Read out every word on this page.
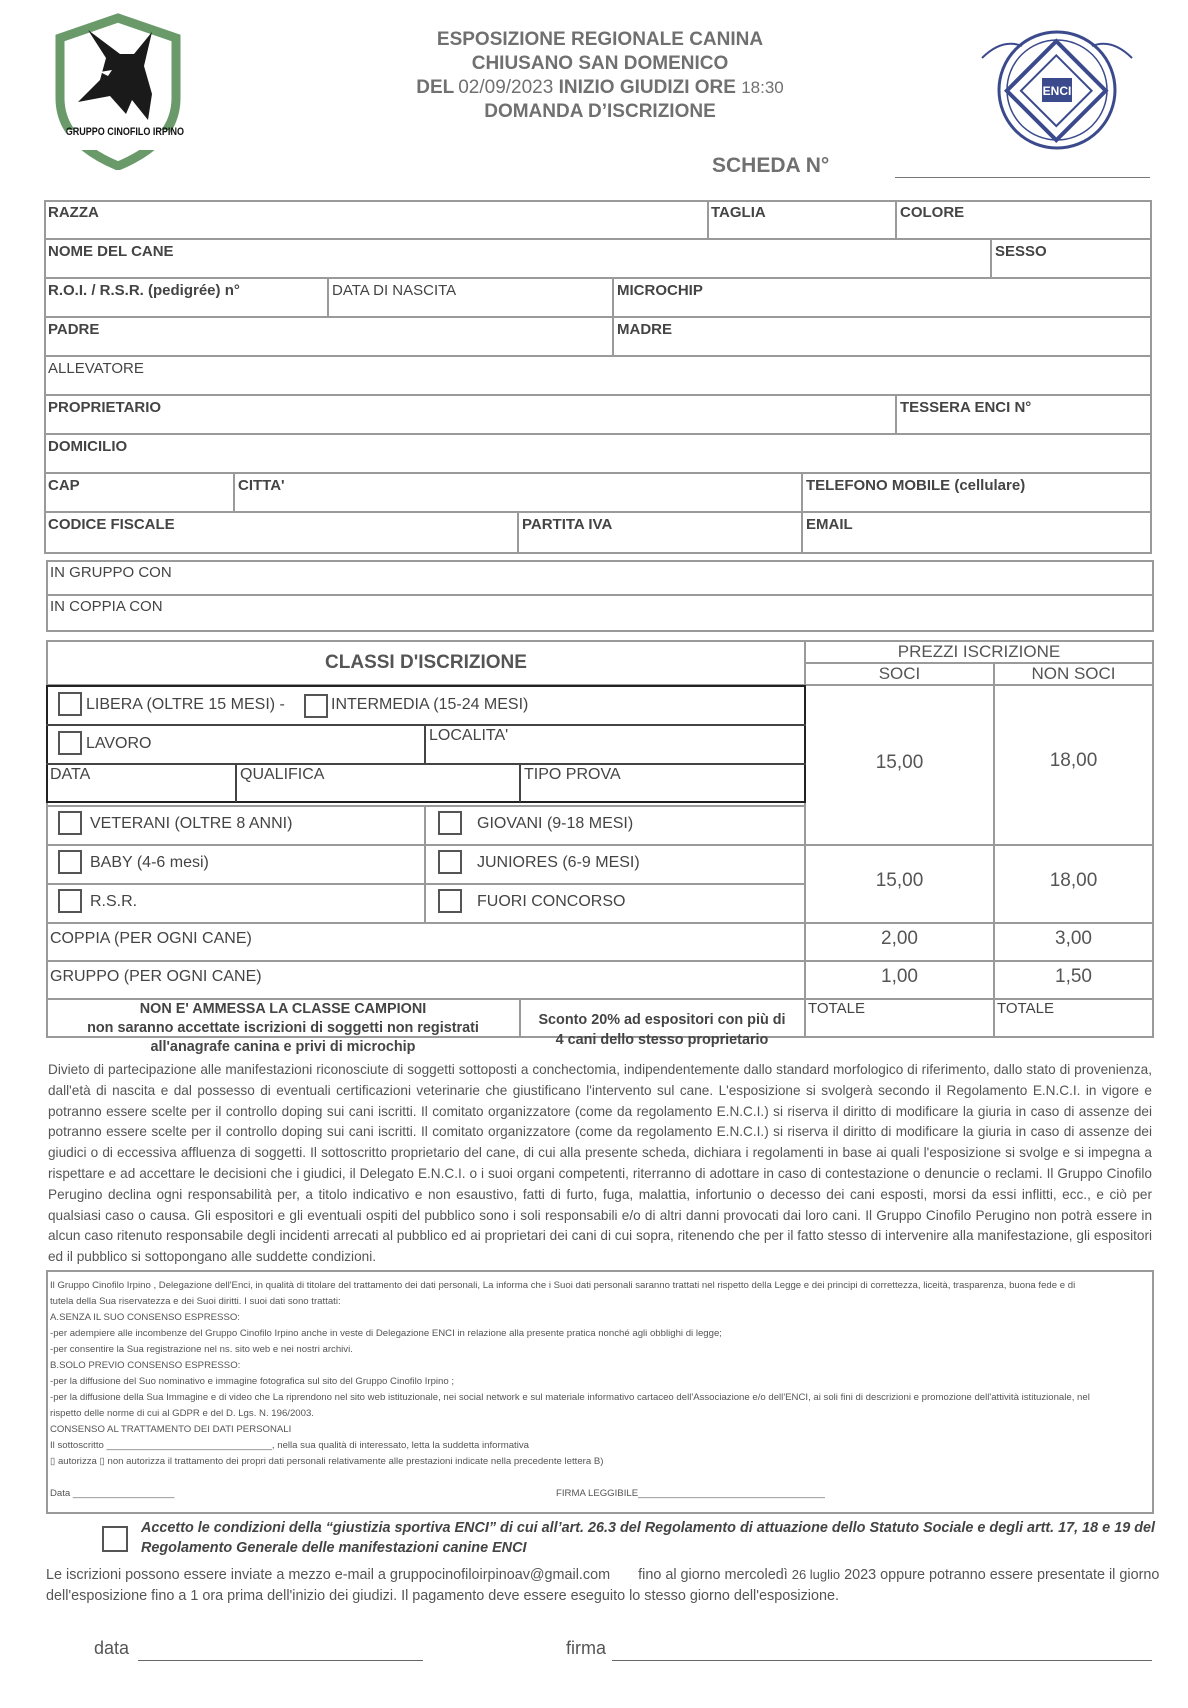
GRUPPO CINOFILO IRPINO
ESPOSIZIONE REGIONALE CANINA
CHIUSANO SAN DOMENICO
DEL 02/09/2023 INIZIO GIUDIZI ORE 18:30
DOMANDA D’ISCRIZIONE
ENCI
SCHEDA N°
RAZZA	TAGLIA	COLORE
NOME DEL CANE	SESSO
R.O.I. / R.S.R. (pedigrée) n°	DATA DI NASCITA	MICROCHIP
PADRE	MADRE
ALLEVATORE
PROPRIETARIO	TESSERA ENCI N°
DOMICILIO
CAP	CITTA'	TELEFONO MOBILE (cellulare)
CODICE FISCALE	PARTITA IVA	EMAIL
IN GRUPPO CON
IN COPPIA CON
CLASSI D'ISCRIZIONE
PREZZI ISCRIZIONE
SOCI	NON SOCI
LIBERA (OLTRE 15 MESI) -	INTERMEDIA (15-24 MESI)
LAVORO	LOCALITA'
DATA	QUALIFICA	TIPO PROVA
15,00	18,00
VETERANI (OLTRE 8 ANNI)	GIOVANI (9-18 MESI)
BABY (4-6 mesi)	JUNIORES (6-9 MESI)
R.S.R.	FUORI CONCORSO
15,00	18,00
COPPIA (PER OGNI CANE)	2,00	3,00
GRUPPO (PER OGNI CANE)	1,00	1,50
NON E' AMMESSA LA CLASSE CAMPIONI
non saranno accettate iscrizioni di soggetti non registrati
all'anagrafe canina e privi di microchip
Sconto 20% ad espositori con più di
4 cani dello stesso proprietario
TOTALE	TOTALE
Divieto di partecipazione alle manifestazioni riconosciute di soggetti sottoposti a conchectomia, indipendentemente dallo standard morfologico di riferimento, dallo stato di provenienza, dall'età di nascita e dal possesso di eventuali certificazioni veterinarie che giustificano l'intervento sul cane. L'esposizione si svolgerà secondo il Regolamento E.N.C.I. in vigore e potranno essere scelte per il controllo doping sui cani iscritti. Il comitato organizzatore (come da regolamento E.N.C.I.) si riserva il diritto di modificare la giuria in caso di assenze dei potranno essere scelte per il controllo doping sui cani iscritti. Il comitato organizzatore (come da regolamento E.N.C.I.) si riserva il diritto di modificare la giuria in caso di assenze dei giudici o di eccessiva affluenza di soggetti. Il sottoscritto proprietario del cane, di cui alla presente scheda, dichiara i regolamenti in base ai quali l'esposizione si svolge e si impegna a rispettare e ad accettare le decisioni che i giudici, il Delegato E.N.C.I. o i suoi organi competenti, riterranno di adottare in caso di contestazione o denuncie o reclami. Il Gruppo Cinofilo Perugino declina ogni responsabilità per, a titolo indicativo e non esaustivo, fatti di furto, fuga, malattia, infortunio o decesso dei cani esposti, morsi da essi inflitti, ecc., e ciò per qualsiasi caso o causa. Gli espositori e gli eventuali ospiti del pubblico sono i soli responsabili e/o di altri danni provocati dai loro cani. Il Gruppo Cinofilo Perugino non potrà essere in alcun caso ritenuto responsabile degli incidenti arrecati al pubblico ed ai proprietari dei cani di cui sopra, ritenendo che per il fatto stesso di intervenire alla manifestazione, gli espositori ed il pubblico si sottopongano alle suddette condizioni.
Il Gruppo Cinofilo Irpino , Delegazione dell'Enci, in qualità di titolare del trattamento dei dati personali, La informa che i Suoi dati personali saranno trattati nel rispetto della Legge e dei principi di correttezza, liceità, trasparenza, buona fede e di
tutela della Sua riservatezza e dei Suoi diritti. I suoi dati sono trattati:
A.SENZA IL SUO CONSENSO ESPRESSO:
-per adempiere alle incombenze del Gruppo Cinofilo Irpino anche in veste di Delegazione ENCI in relazione alla presente pratica nonché agli obblighi di legge;
-per consentire la Sua registrazione nel ns. sito web e nei nostri archivi.
B.SOLO PREVIO CONSENSO ESPRESSO:
-per la diffusione del Suo nominativo e immagine fotografica sul sito del Gruppo Cinofilo Irpino ;
-per la diffusione della Sua Immagine e di video che La riprendono nel sito web istituzionale, nei social network e sul materiale informativo cartaceo dell'Associazione e/o dell'ENCI, ai soli fini di descrizioni e promozione dell'attività istituzionale, nel
rispetto delle norme di cui al GDPR e del D. Lgs. N. 196/2003.
CONSENSO AL TRATTAMENTO DEI DATI PERSONALI
Il sottoscritto _______________________________, nella sua qualità di interessato, letta la suddetta informativa
▯ autorizza ▯ non autorizza il trattamento dei propri dati personali relativamente alle prestazioni indicate nella precedente lettera B)
Data ___________________	FIRMA LEGGIBILE___________________________________
Accetto le condizioni della “giustizia sportiva ENCI” di cui all’art. 26.3 del Regolamento di attuazione dello Statuto Sociale e degli artt. 17, 18 e 19 del
Regolamento Generale delle manifestazioni canine ENCI
Le iscrizioni possono essere inviate a mezzo e-mail a gruppocinofiloirpinoav@gmail.com fino al giorno mercoledì 26 luglio 2023 oppure potranno essere presentate il giorno
dell'esposizione fino a 1 ora prima dell'inizio dei giudizi. Il pagamento deve essere eseguito lo stesso giorno dell'esposizione.
data	firma
